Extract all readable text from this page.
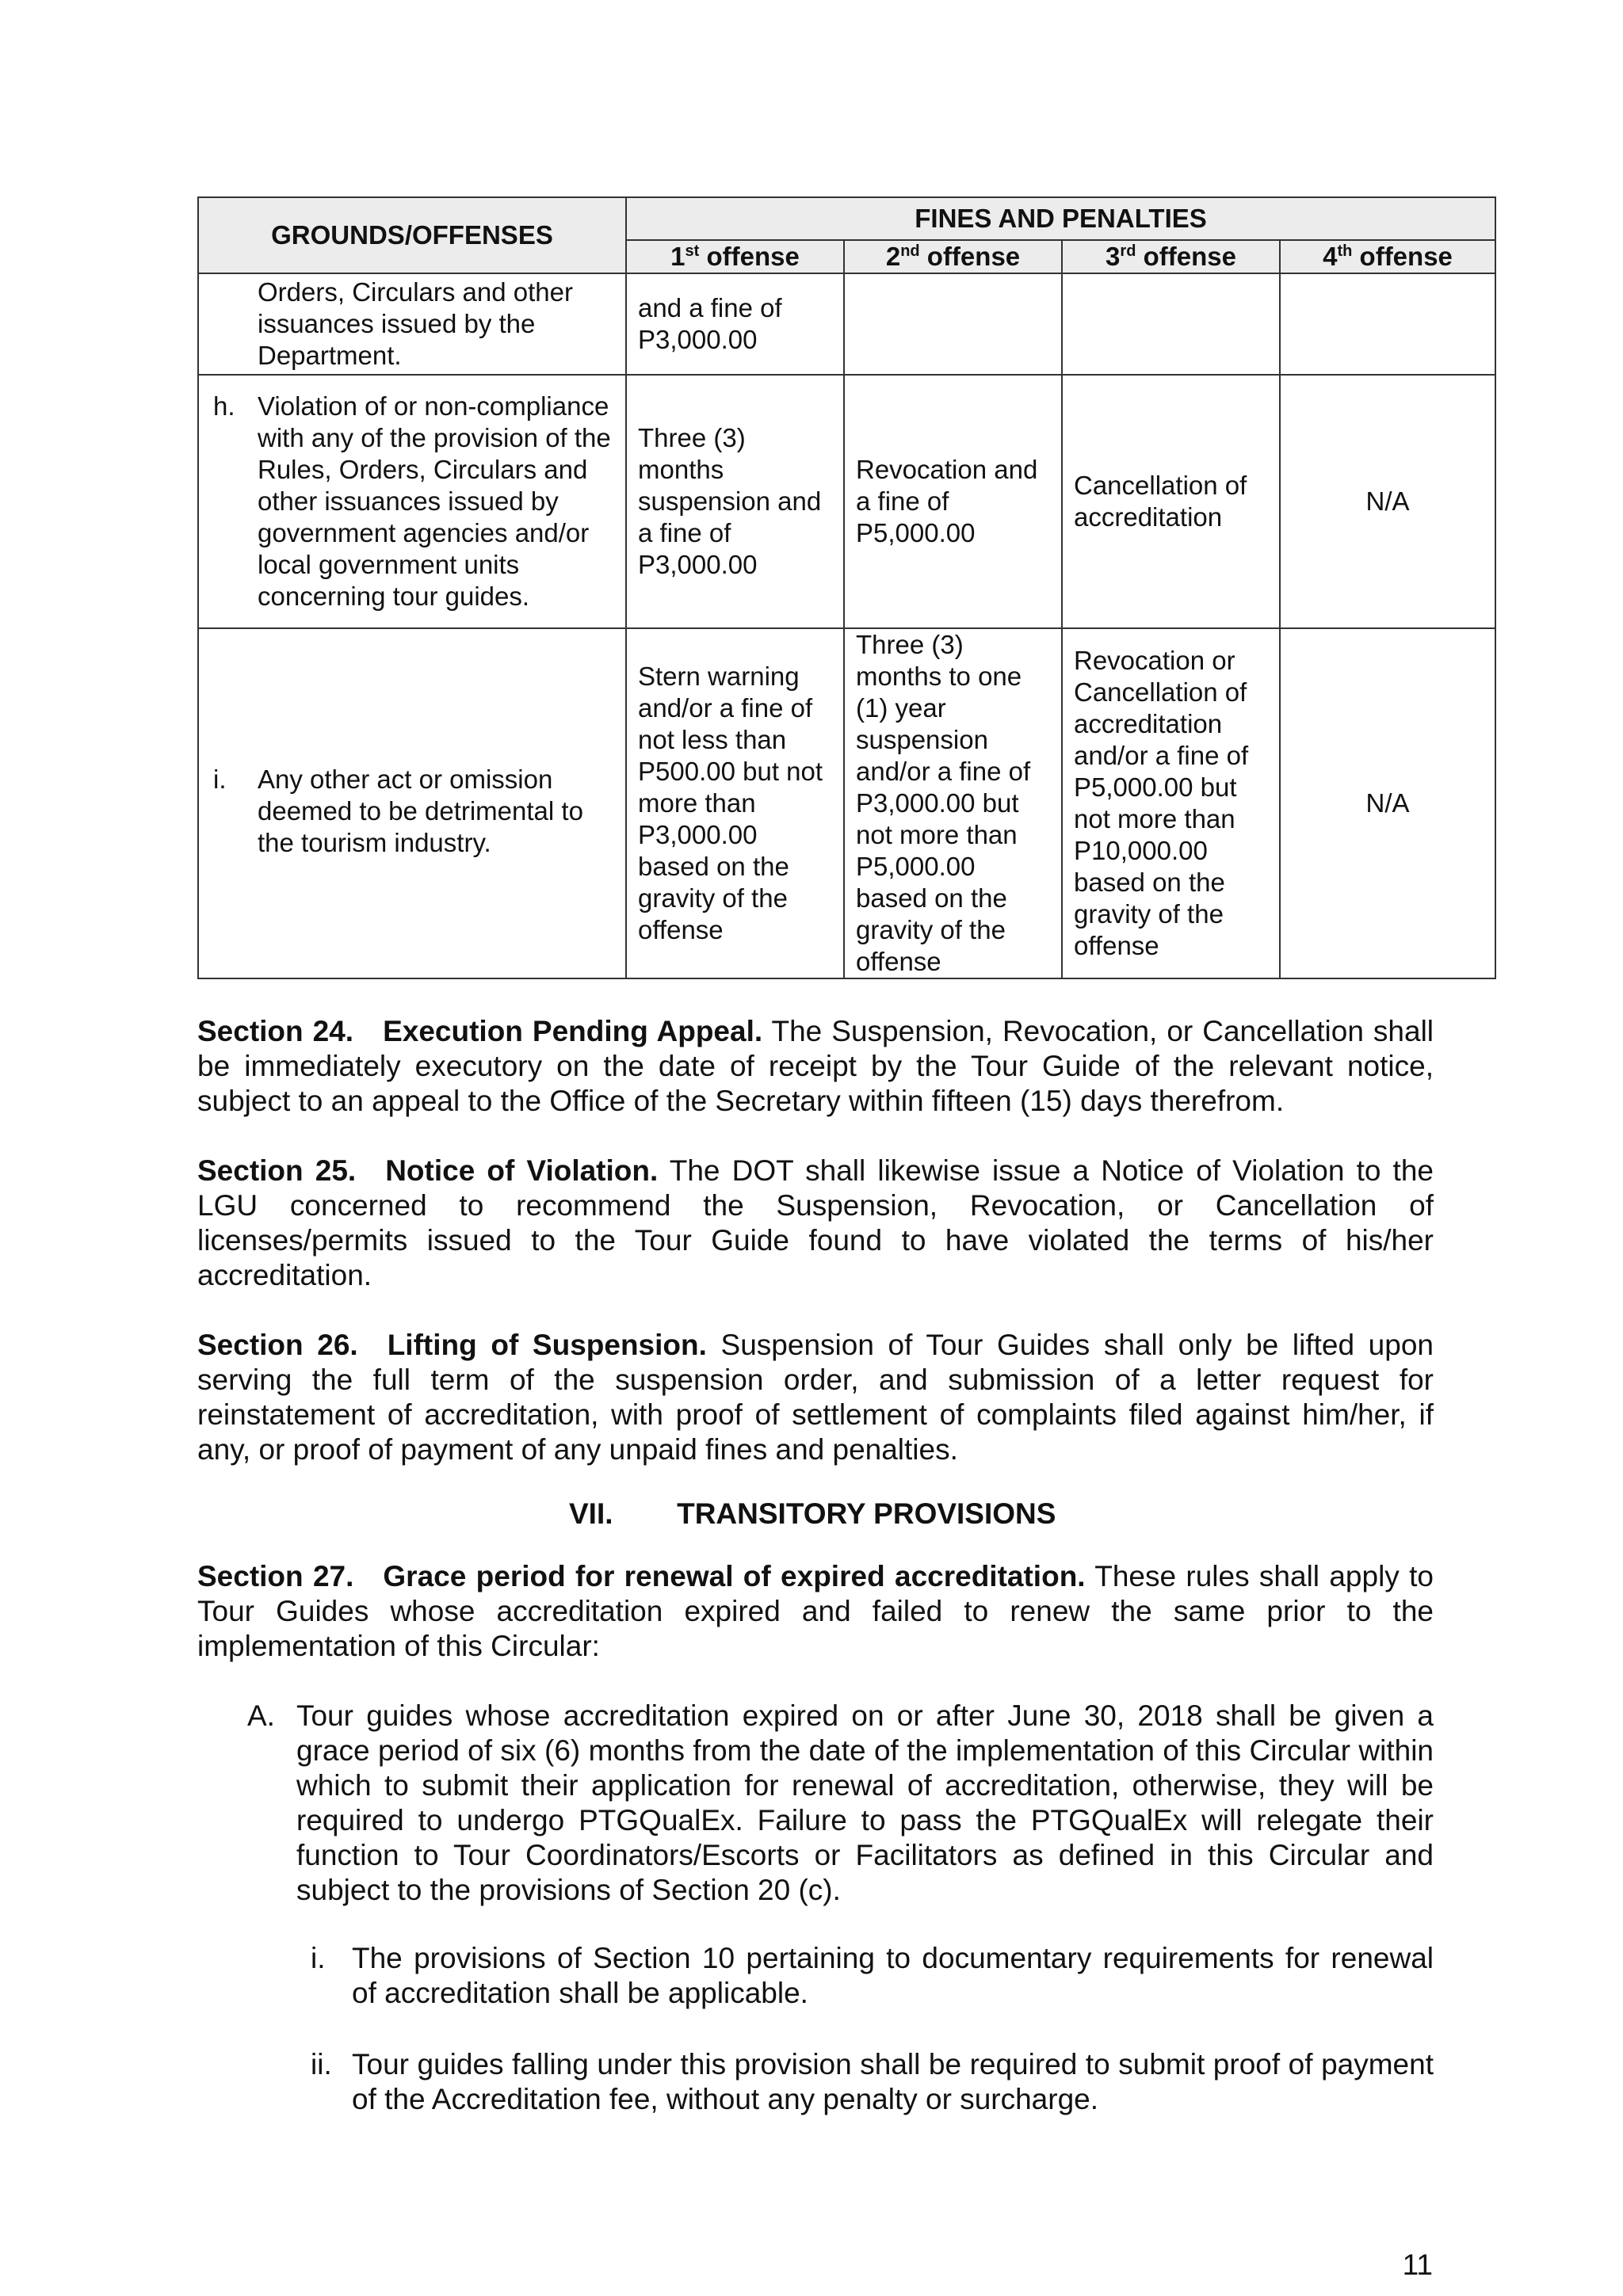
GROUNDS/OFFENSES	FINES AND PENALTIES			
	1st offense	2nd offense	3rd offense	4th offense

Orders, Circulars and other issuances issued by the Department.	and a fine of P3,000.00			

h. Violation of or non-compliance with any of the provision of the Rules, Orders, Circulars and other issuances issued by government agencies and/or local government units concerning tour guides.	Three (3) months suspension and a fine of P3,000.00	Revocation and a fine of P5,000.00	Cancellation of accreditation	N/A

i. Any other act or omission deemed to be detrimental to the tourism industry.	Stern warning and/or a fine of not less than P500.00 but not more than P3,000.00 based on the gravity of the offense	Three (3) months to one (1) year suspension and/or a fine of P3,000.00 but not more than P5,000.00 based on the gravity of the offense	Revocation or Cancellation of accreditation and/or a fine of P5,000.00 but not more than P10,000.00 based on the gravity of the offense	N/A
Section 24. Execution Pending Appeal. The Suspension, Revocation, or Cancellation shall be immediately executory on the date of receipt by the Tour Guide of the relevant notice, subject to an appeal to the Office of the Secretary within fifteen (15) days therefrom.
Section 25. Notice of Violation. The DOT shall likewise issue a Notice of Violation to the LGU concerned to recommend the Suspension, Revocation, or Cancellation of licenses/permits issued to the Tour Guide found to have violated the terms of his/her accreditation.
Section 26. Lifting of Suspension. Suspension of Tour Guides shall only be lifted upon serving the full term of the suspension order, and submission of a letter request for reinstatement of accreditation, with proof of settlement of complaints filed against him/her, if any, or proof of payment of any unpaid fines and penalties.
VII. TRANSITORY PROVISIONS
Section 27. Grace period for renewal of expired accreditation. These rules shall apply to Tour Guides whose accreditation expired and failed to renew the same prior to the implementation of this Circular:
A. Tour guides whose accreditation expired on or after June 30, 2018 shall be given a grace period of six (6) months from the date of the implementation of this Circular within which to submit their application for renewal of accreditation, otherwise, they will be required to undergo PTGQualEx. Failure to pass the PTGQualEx will relegate their function to Tour Coordinators/Escorts or Facilitators as defined in this Circular and subject to the provisions of Section 20 (c).
i. The provisions of Section 10 pertaining to documentary requirements for renewal of accreditation shall be applicable.
ii. Tour guides falling under this provision shall be required to submit proof of payment of the Accreditation fee, without any penalty or surcharge.
11
